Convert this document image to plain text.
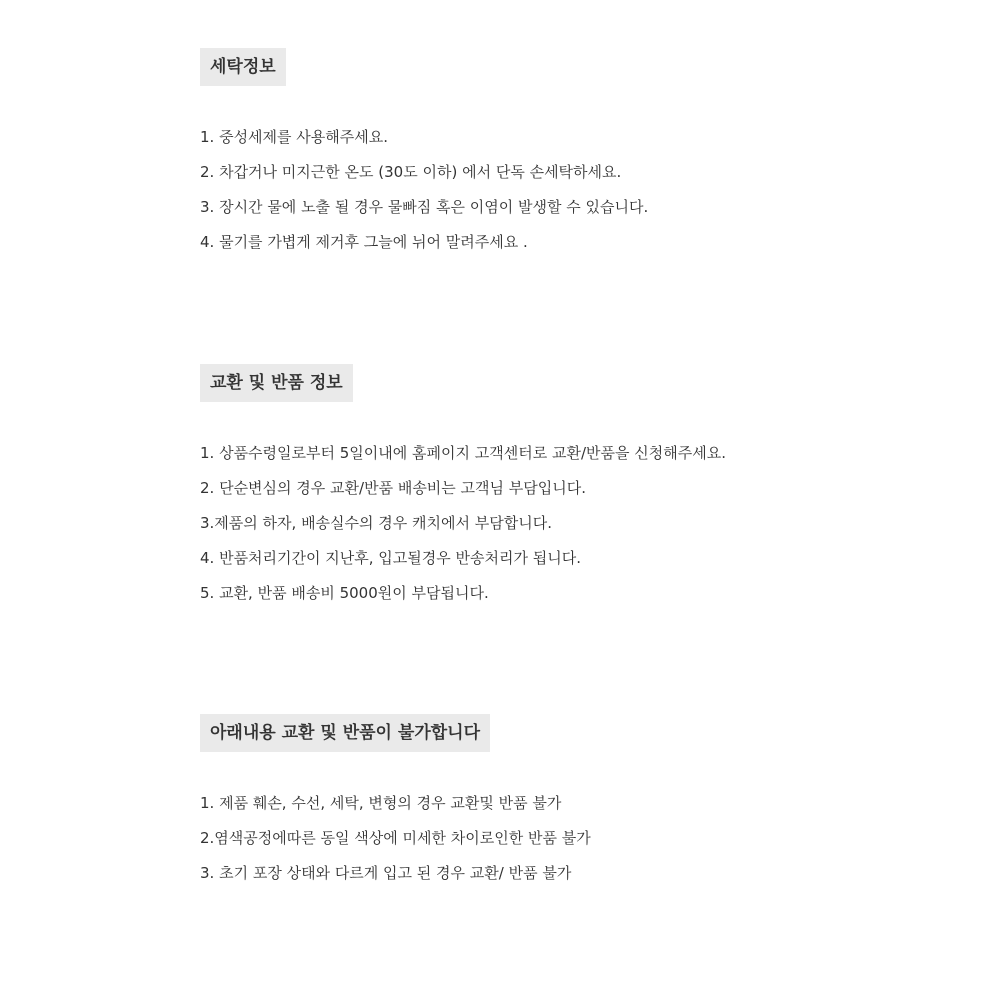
세탁정보
1. 중성세제를 사용해주세요.
2. 차갑거나 미지근한 온도 (30도 이하) 에서 단독 손세탁하세요.
3. 장시간 물에 노출 될 경우 물빠짐 혹은 이염이 발생할 수 있습니다.
4. 물기를 가볍게 제거후 그늘에 뉘어 말려주세요 .
교환 및 반품 정보
1. 상품수령일로부터 5일이내에 홈페이지 고객센터로 교환/반품을 신청해주세요.
2. 단순변심의 경우 교환/반품 배송비는 고객님 부담입니다.
3.제품의 하자, 배송실수의 경우 캐치에서 부담합니다.
4. 반품처리기간이 지난후, 입고될경우 반송처리가 됩니다.
5. 교환, 반품 배송비 5000원이 부담됩니다.
아래내용 교환 및 반품이 불가합니다
1. 제품 훼손, 수선, 세탁, 변형의 경우 교환및 반품 불가
2.염색공정에따른 동일 색상에 미세한 차이로인한 반품 불가
3. 초기 포장 상태와 다르게 입고 된 경우 교환/ 반품 불가
